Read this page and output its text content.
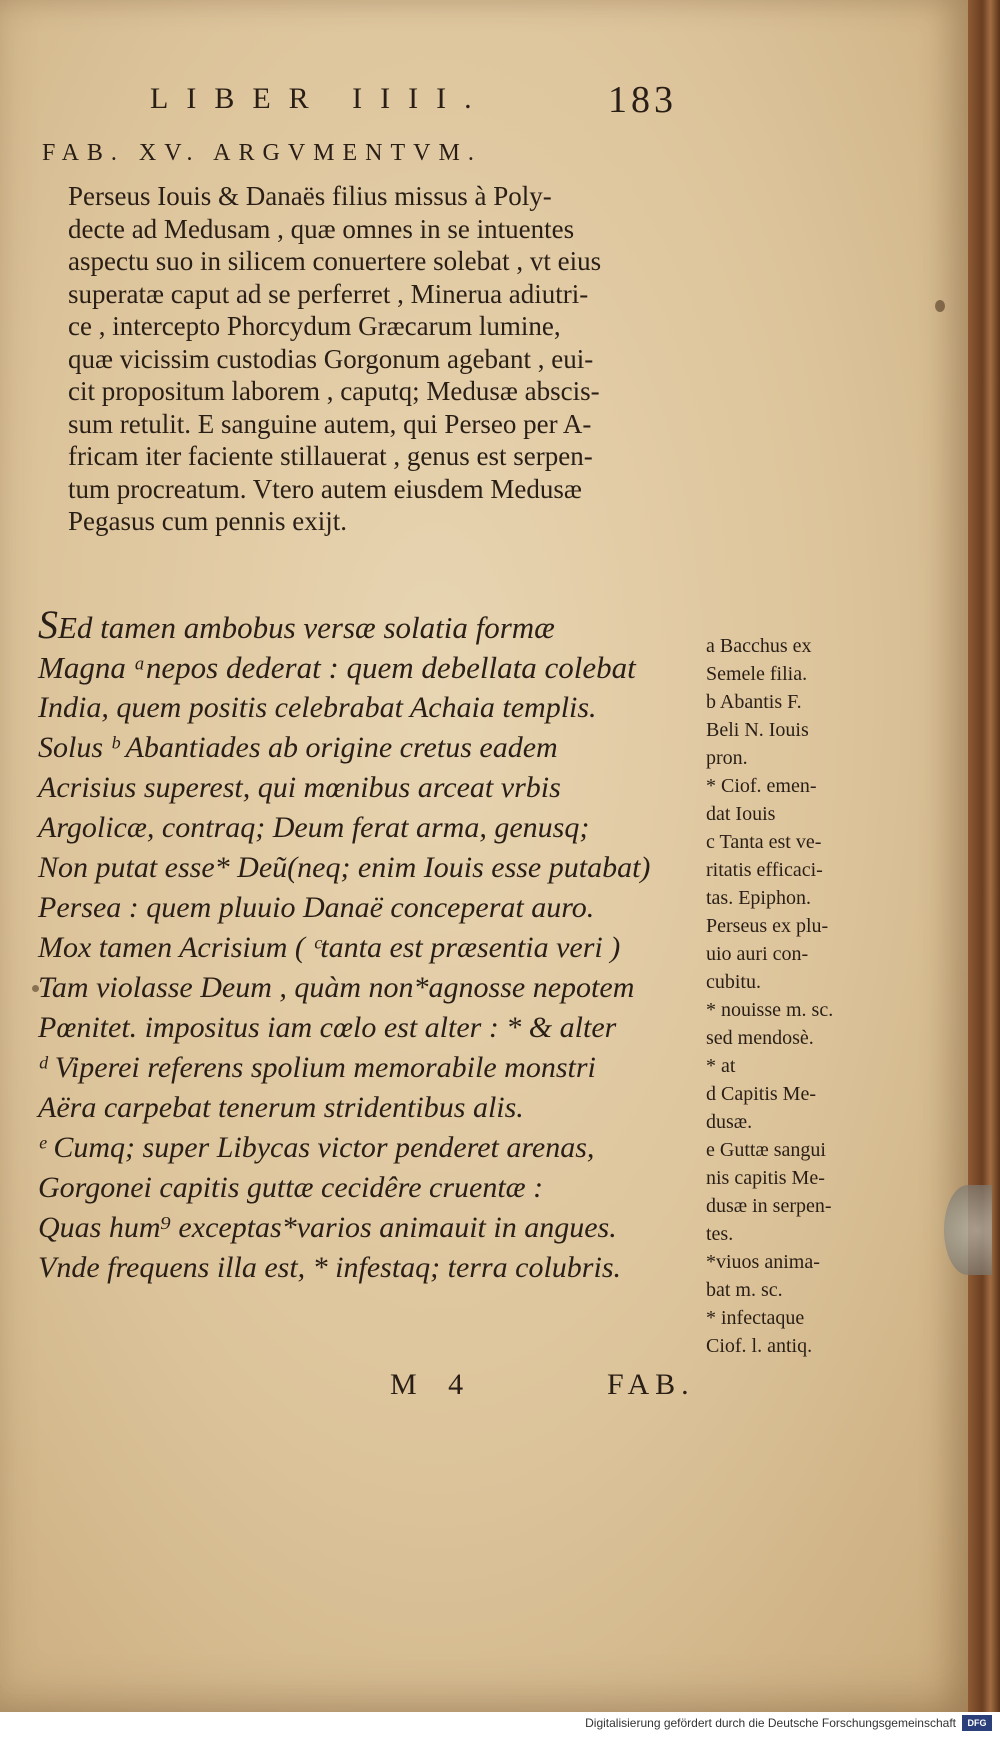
LIBER IIII.	183
FAB. XV. ARGVMENTVM.
Perseus Iouis & Danaës filius missus à Poly-
decte ad Medusam , quæ omnes in se intuentes
aspectu suo in silicem conuertere solebat , vt eius
superatæ caput ad se perferret , Minerua adiutri-
ce , intercepto Phorcydum Græcarum lumine,
quæ vicissim custodias Gorgonum agebant , eui-
cit propositum laborem , caputq; Medusæ abscis-
sum retulit. E sanguine autem, qui Perseo per A-
fricam iter faciente stillauerat , genus est serpen-
tum procreatum. Vtero autem eiusdem Medusæ
Pegasus cum pennis exijt.
SEd tamen ambobus versæ solatia formæ
Magna ᵃnepos dederat : quem debellata colebat
India, quem positis celebrabat Achaia templis.
Solus ᵇ Abantiades ab origine cretus eadem
Acrisius superest, qui mœnibus arceat vrbis
Argolicæ, contraq; Deum ferat arma, genusq;
Non putat esse* Deũ(neq; enim Iouis esse putabat)
Persea : quem pluuio Danaë conceperat auro.
Mox tamen Acrisium ( ᶜtanta est præsentia veri )
Tam violasse Deum , quàm non*agnosse nepotem
Pœnitet. impositus iam cœlo est alter : * & alter
ᵈ Viperei referens spolium memorabile monstri
Aëra carpebat tenerum stridentibus alis.
ᵉ Cumq; super Libycas victor penderet arenas,
Gorgonei capitis guttæ cecidêre cruentæ :
Quas hum⁹ exceptas*varios animauit in angues.
Vnde frequens illa est, * infestaq; terra colubris.
a Bacchus ex
Semele filia.
b Abantis F.
Beli N. Iouis
pron.
* Ciof. emen-
dat Iouis
c Tanta est ve-
ritatis efficaci-
tas. Epiphon.
Perseus ex plu-
uio auri con-
cubitu.
* nouisse m. sc.
sed mendosè.
* at
d Capitis Me-
dusæ.
e Guttæ sangui
nis capitis Me-
dusæ in serpen-
tes.
*viuos anima-
bat m. sc.
* infectaque
Ciof. l. antiq.
M 4	FAB.
Digitalisierung gefördert durch die Deutsche Forschungsgemeinschaft	DFG
